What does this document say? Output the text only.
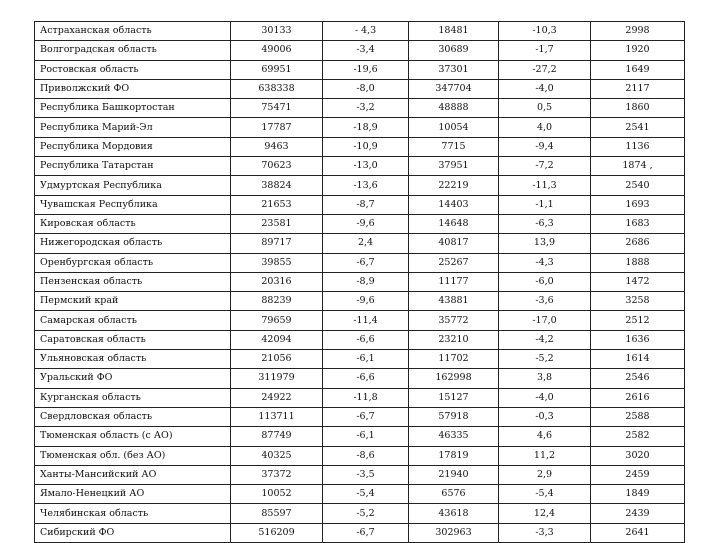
Астраханская область	30133	- 4,3	18481	-10,3	2998
Волгоградская область	49006	-3,4	30689	-1,7	1920
Ростовская область	69951	-19,6	37301	-27,2	1649
Приволжский ФО	638338	-8,0	347704	-4,0	2117
Республика Башкортостан	75471	-3,2	48888	0,5	1860
Республика Марий-Эл	17787	-18,9	10054	4,0	2541
Республика Мордовия	9463	-10,9	7715	-9,4	1136
Республика Татарстан	70623	-13,0	37951	-7,2	1874 ,
Удмуртская Республика	38824	-13,6	22219	-11,3	2540
Чувашская Республика	21653	-8,7	14403	-1,1	1693
Кировская область	23581	-9,6	14648	-6,3	1683
Нижегородская область	89717	2,4	40817	13,9	2686
Оренбургская область	39855	-6,7	25267	-4,3	1888
Пензенская область	20316	-8,9	11177	-6,0	1472
Пермский край	88239	-9,6	43881	-3,6	3258
Самарская область	79659	-11,4	35772	-17,0	2512
Саратовская область	42094	-6,6	23210	-4,2	1636
Ульяновская область	21056	-6,1	11702	-5,2	1614
Уральский ФО	311979	-6,6	162998	3,8	2546
Курганская область	24922	-11,8	15127	-4,0	2616
Свердловская область	113711	-6,7	57918	-0,3	2588
Тюменская область (с АО)	87749	-6,1	46335	4,6	2582
Тюменская обл. (без АО)	40325	-8,6	17819	11,2	3020
Ханты-Мансийский АО	37372	-3,5	21940	2,9	2459
Ямало-Ненецкий АО	10052	-5,4	6576	-5,4	1849
Челябинская область	85597	-5,2	43618	12,4	2439
Сибирский ФО	516209	-6,7	302963	-3,3	2641
